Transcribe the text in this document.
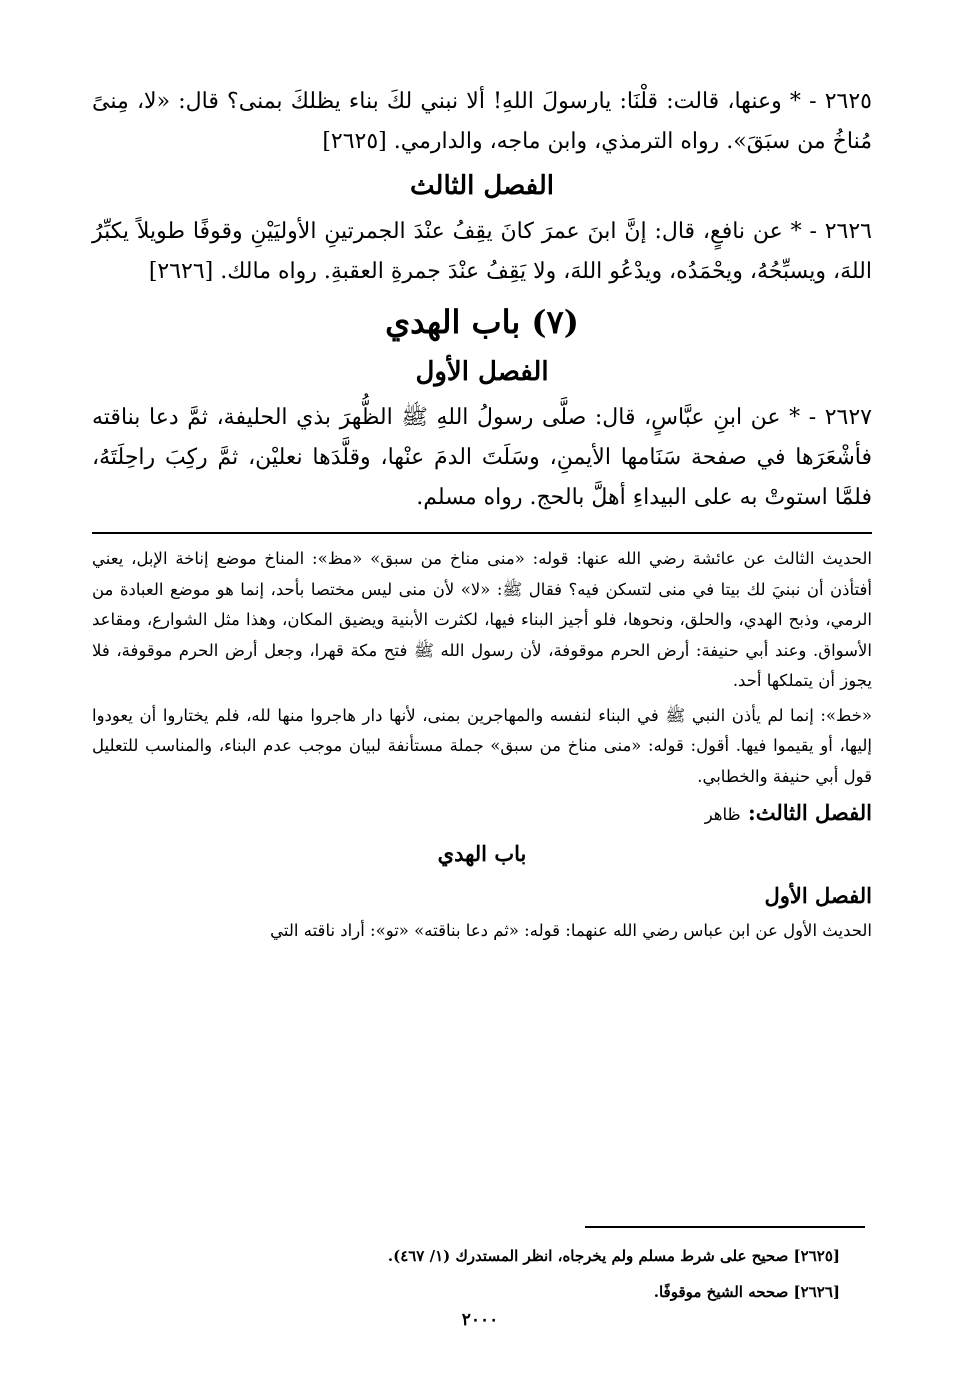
٢٦٢٥ - * وعنها، قالت: قلْنَا: يارسولَ اللهِ! ألا نبني لكَ بناء يظلكَ بمنى؟ قال: «لا، مِنىً مُناخُ من سبَقَ». رواه الترمذي، وابن ماجه، والدارمي. [٢٦٢٥]

الفصل الثالث

٢٦٢٦ - * عن نافعٍ، قال: إنَّ ابنَ عمرَ كانَ يقِفُ عنْدَ الجمرتينِ الأوليَيْنِ وقوفًا طويلاً يكبِّرُ اللهَ، ويسبِّحُهُ، ويحْمَدُه، ويدْعُو اللهَ، ولا يَقِفُ عنْدَ جمرةِ العقبةِ. رواه مالك. [٢٦٢٦]

(٧) باب الهدي
الفصل الأول

٢٦٢٧ - * عن ابنِ عبَّاسٍ، قال: صلَّى رسولُ اللهِ ﷺ الظُّهرَ بذي الحليفة، ثمَّ دعا بناقته فأشْعَرَها في صفحة سَنَامها الأيمنِ، وسَلَتَ الدمَ عنْها، وقلَّدَها نعليْن، ثمَّ ركِبَ راحِلَتَهُ، فلمَّا استوتْ به على البيداءِ أهلَّ بالحج. رواه مسلم.

الحديث الثالث عن عائشة رضي الله عنها: قوله: «منى مناخ من سبق» «مظ»: المناخ موضع إناخة الإبل، يعني أفتأذن أن نبنيَ لك بيتا في منى لتسكن فيه؟ فقال ﷺ: «لا» لأن منى ليس مختصا بأحد، إنما هو موضع العبادة من الرمي، وذبح الهدي، والحلق، ونحوها، فلو أجيز البناء فيها، لكثرت الأبنية ويضيق المكان، وهذا مثل الشوارع، ومقاعد الأسواق. وعند أبي حنيفة: أرض الحرم موقوفة، لأن رسول الله ﷺ فتح مكة قهرا، وجعل أرض الحرم موقوفة، فلا يجوز أن يتملكها أحد.

«خط»: إنما لم يأذن النبي ﷺ في البناء لنفسه والمهاجرين بمنى، لأنها دار هاجروا منها لله، فلم يختاروا أن يعودوا إليها، أو يقيموا فيها. أقول: قوله: «منى مناخ من سبق» جملة مستأنفة لبيان موجب عدم البناء، والمناسب للتعليل قول أبي حنيفة والخطابي.

الفصل الثالث: ظاهر

باب الهدي

الفصل الأول

الحديث الأول عن ابن عباس رضي الله عنهما: قوله: «ثم دعا بناقته» «تو»: أراد ناقته التي

[٢٦٢٥] صحيح على شرط مسلم ولم يخرجاه، انظر المستدرك (١/ ٤٦٧).

[٢٦٢٦] صححه الشيخ موقوفًا.

٢٠٠٠
